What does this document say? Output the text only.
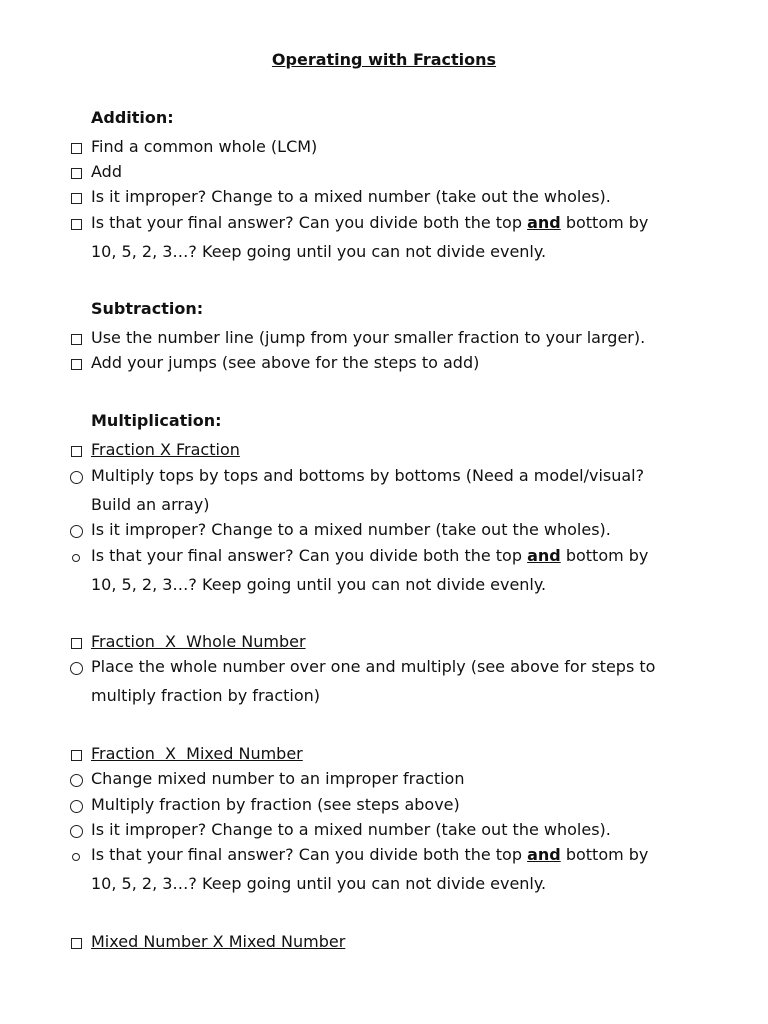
Operating with Fractions
Addition:
Find a common whole (LCM)
Add
Is it improper? Change to a mixed number (take out the wholes).
Is that your final answer? Can you divide both the top and bottom by
10, 5, 2, 3…? Keep going until you can not divide evenly.
Subtraction:
Use the number line (jump from your smaller fraction to your larger).
Add your jumps (see above for the steps to add)
Multiplication:
Fraction X Fraction
Multiply tops by tops and bottoms by bottoms (Need a model/visual?
Build an array)
Is it improper? Change to a mixed number (take out the wholes).
Is that your final answer? Can you divide both the top and bottom by
10, 5, 2, 3…? Keep going until you can not divide evenly.
Fraction  X  Whole Number
Place the whole number over one and multiply (see above for steps to
multiply fraction by fraction)
Fraction  X  Mixed Number
Change mixed number to an improper fraction
Multiply fraction by fraction (see steps above)
Is it improper? Change to a mixed number (take out the wholes).
Is that your final answer? Can you divide both the top and bottom by
10, 5, 2, 3…? Keep going until you can not divide evenly.
Mixed Number X Mixed Number
